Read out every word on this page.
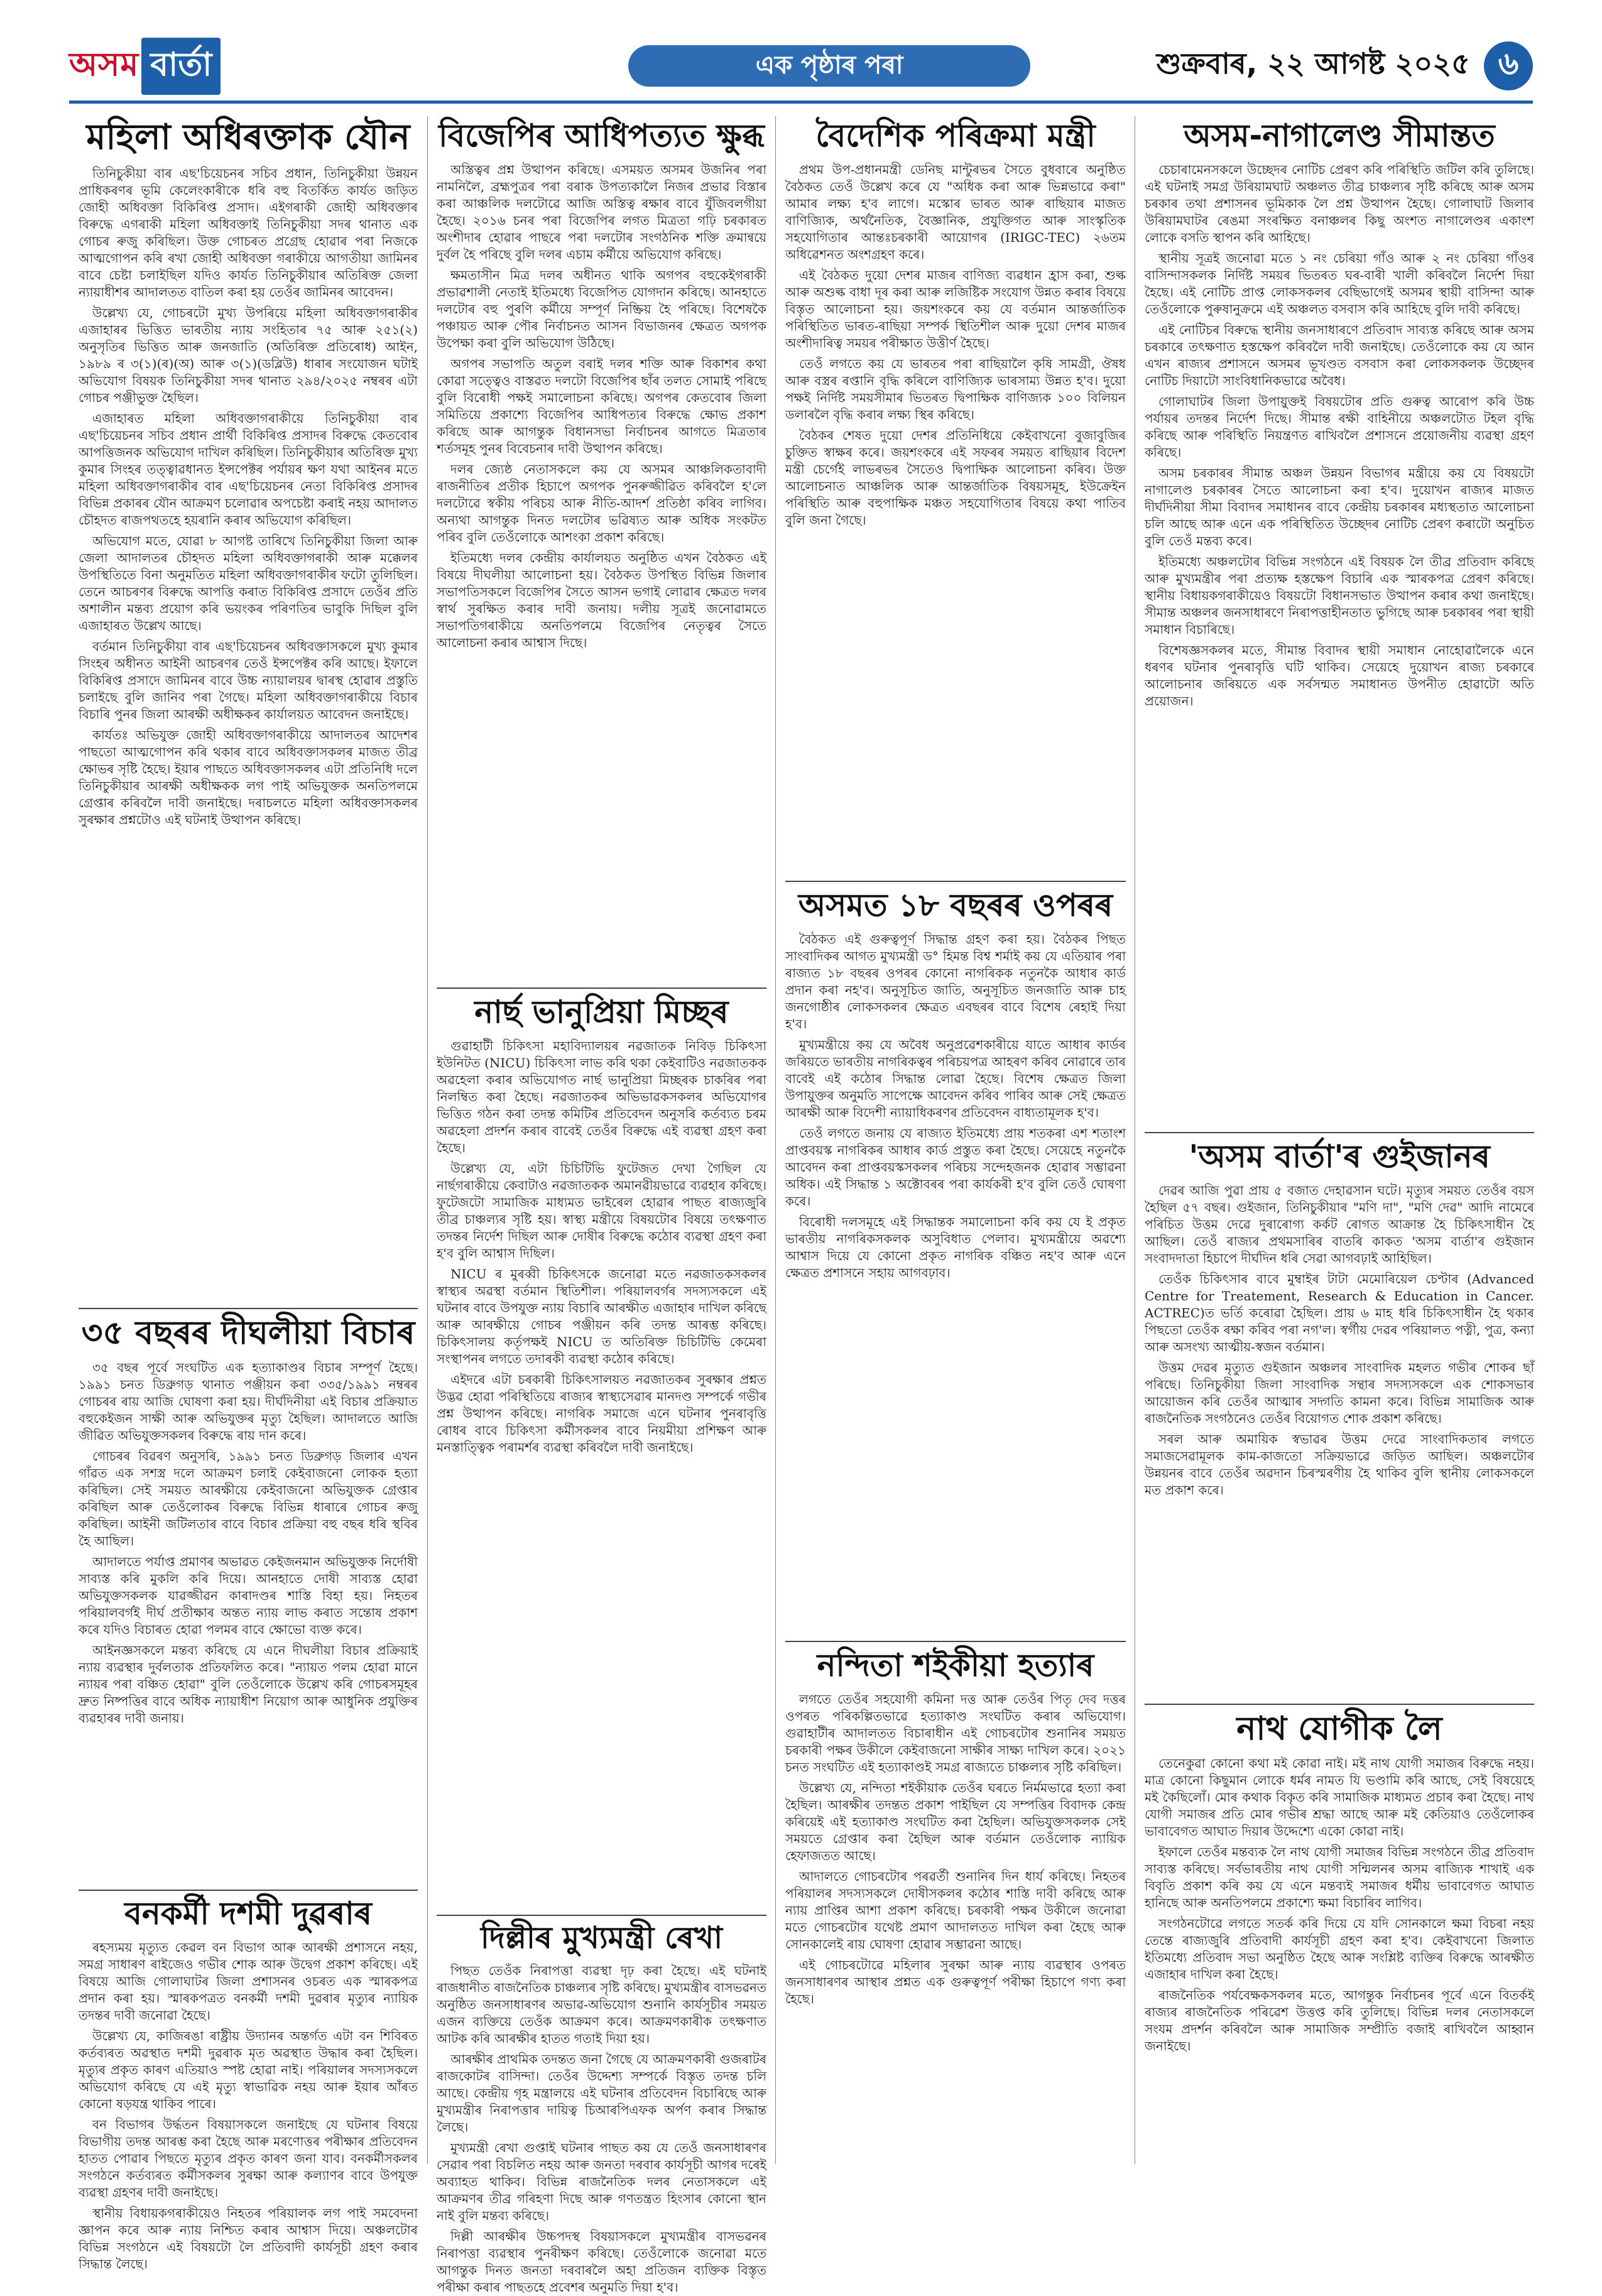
অসম বাৰ্তা	এক পৃষ্ঠাৰ পৰা	শুক্ৰবাৰ, ২২ আগষ্ট ২০২৫ ৬
মহিলা অধিৰক্তাক যৌন

তিনিচুকীয়া বাৰ এছ'চিয়েচনৰ সচিব প্ৰধান, তিনিচুকীয়া উন্নয়ন প্ৰাধিকৰণৰ ভূমি কেলেংকাৰীকে ধৰি বহু বিতৰ্কিত কাৰ্যত জড়িত জোহী অধিবক্তা বিকিৰিপ্ত প্ৰসাদ। এইগৰাকী জোহী অধিবক্তাৰ বিৰুদ্ধে এগৰাকী মহিলা অধিবক্তাই তিনিচুকীয়া সদৰ থানাত এক গোচৰ ৰুজু কৰিছিল। উক্ত গোচৰত প্ৰগ্ৰেছ হোৱাৰ পৰা নিজকে আত্মগোপন কৰি ৰখা জোহী অধিবক্তা গৰাকীয়ে আগতীয়া জামিনৰ বাবে চেষ্টা চলাইছিল যদিও কাৰ্যত তিনিচুকীয়াৰ অতিৰিক্ত জেলা ন্যায়াধীশৰ আদালতত বাতিল কৰা হয় তেওঁৰ জামিনৰ আবেদন।

উল্লেখ্য যে, গোচৰটো মুখ্য উপৰিয়ে মহিলা অধিবক্তাগৰাকীৰ এজাহাৰৰ ভিত্তিত ভাৰতীয় ন্যায় সংহিতাৰ ৭৫ আৰু ২৫১(২) অনুসৃতিৰ ভিত্তিত আৰু জনজাতি (অতিৰিক্ত প্ৰতিৰোধ) আইন, ১৯৮৯ ৰ ৩(১)(ৰ)(অ) আৰু ৩(১)(ডব্লিউ) ধাৰাৰ সংযোজন ঘটাই অভিযোগ বিষয়ক তিনিচুকীয়া সদৰ থানাত ২৯৪/২০২৫ নম্বৰৰ এটা গোচৰ পঞ্জীভুক্ত হৈছিল।

এজাহাৰত মহিলা অধিবক্তাগৰাকীয়ে তিনিচুকীয়া বাৰ এছ'চিয়েচনৰ সচিব প্ৰধান প্ৰাৰ্থী বিকিৰিপ্ত প্ৰসাদৰ বিৰুদ্ধে কেতবোৰ আপত্তিজনক অভিযোগ দাখিল কৰিছিল। তিনিচুকীয়াৰ অতিৰিক্ত মুখ্য কুমাৰ সিংহৰ তত্ত্বাৱধানত ইন্সপেক্টৰ পৰ্যায়ৰ ক্ষণ যথা আইনৰ মতে মহিলা অধিবক্তাগৰাকীৰ বাৰ এছ'চিয়েচনৰ নেতা বিকিৰিপ্ত প্ৰসাদৰ বিভিন্ন প্ৰকাৰৰ যৌন আক্ৰমণ চলোৱাৰ অপচেষ্টা কৰাই নহয় আদালত চৌহদত ৰাজপথতহে হয়ৰানি কৰাৰ অভিযোগ কৰিছিল।

অভিযোগ মতে, যোৱা ৮ আগষ্ট তাৰিখে তিনিচুকীয়া জিলা আৰু জেলা আদালতৰ চৌহদত মহিলা অধিবক্তাগৰাকী আৰু মক্কেলৰ উপস্থিতিতে বিনা অনুমতিত মহিলা অধিবক্তাগৰাকীৰ ফটো তুলিছিল। তেনে আচৰণৰ বিৰুদ্ধে আপত্তি কৰাত বিকিৰিপ্ত প্ৰসাদে তেওঁৰ প্ৰতি অশালীন মন্তব্য প্ৰয়োগ কৰি ভয়ংকৰ পৰিণতিৰ ভাবুকি দিছিল বুলি এজাহাৰত উল্লেখ আছে।

বৰ্তমান তিনিচুকীয়া বাৰ এছ'চিয়েচনৰ অধিবক্তাসকলে মুখ্য কুমাৰ সিংহৰ অধীনত আইনী আচৰণৰ তেওঁ ইন্সপেক্টৰ কৰি আছে। ইফালে বিকিৰিপ্ত প্ৰসাদে জামিনৰ বাবে উচ্চ ন্যায়ালয়ৰ দ্বাৰস্থ হোৱাৰ প্ৰস্তুতি চলাইছে বুলি জানিব পৰা গৈছে। মহিলা অধিবক্তাগৰাকীয়ে বিচাৰ বিচাৰি পুনৰ জিলা আৰক্ষী অধীক্ষকৰ কাৰ্যালয়ত আবেদন জনাইছে।

কাৰ্যতঃ অভিযুক্ত জোহী অধিবক্তাগৰাকীয়ে আদালতৰ আদেশৰ পাছতো আত্মগোপন কৰি থকাৰ বাবে অধিবক্তাসকলৰ মাজত তীব্ৰ ক্ষোভৰ সৃষ্টি হৈছে। ইয়াৰ পাছতে অধিবক্তাসকলৰ এটা প্ৰতিনিধি দলে তিনিচুকীয়াৰ আৰক্ষী অধীক্ষকক লগ পাই অভিযুক্তক অনতিপলমে গ্ৰেপ্তাৰ কৰিবলৈ দাবী জনাইছে। দৰাচলতে মহিলা অধিবক্তাসকলৰ সুৰক্ষাৰ প্ৰশ্নটোও এই ঘটনাই উত্থাপন কৰিছে।

৩৫ বছৰৰ দীঘলীয়া বিচাৰ

৩৫ বছৰ পূৰ্বে সংঘটিত এক হত্যাকাণ্ডৰ বিচাৰ সম্পূৰ্ণ হৈছে। ১৯৯১ চনত ডিব্ৰুগড় থানাত পঞ্জীয়ন কৰা ৩৩৫/১৯৯১ নম্বৰৰ গোচৰৰ ৰায় আজি ঘোষণা কৰা হয়। দীৰ্ঘদিনীয়া এই বিচাৰ প্ৰক্ৰিয়াত বহুকেইজন সাক্ষী আৰু অভিযুক্তৰ মৃত্যু হৈছিল। আদালতে আজি জীৱিত অভিযুক্তসকলৰ বিৰুদ্ধে ৰায় দান কৰে।

গোচৰৰ বিৱৰণ অনুসৰি, ১৯৯১ চনত ডিব্ৰুগড় জিলাৰ এখন গাঁৱত এক সশস্ত্ৰ দলে আক্ৰমণ চলাই কেইবাজনো লোকক হত্যা কৰিছিল। সেই সময়ত আৰক্ষীয়ে কেইবাজনো অভিযুক্তক গ্ৰেপ্তাৰ কৰিছিল আৰু তেওঁলোকৰ বিৰুদ্ধে বিভিন্ন ধাৰাৰে গোচৰ ৰুজু কৰিছিল। আইনী জটিলতাৰ বাবে বিচাৰ প্ৰক্ৰিয়া বহু বছৰ ধৰি স্থবিৰ হৈ আছিল।

আদালতে পৰ্যাপ্ত প্ৰমাণৰ অভাৱত কেইজনমান অভিযুক্তক নিৰ্দোষী সাব্যস্ত কৰি মুকলি কৰি দিয়ে। আনহাতে দোষী সাব্যস্ত হোৱা অভিযুক্তসকলক যাৱজ্জীৱন কাৰাদণ্ডৰ শাস্তি বিহা হয়। নিহতৰ পৰিয়ালবৰ্গই দীৰ্ঘ প্ৰতীক্ষাৰ অন্তত ন্যায় লাভ কৰাত সন্তোষ প্ৰকাশ কৰে যদিও বিচাৰত হোৱা পলমৰ বাবে ক্ষোভো ব্যক্ত কৰে।

আইনজ্ঞসকলে মন্তব্য কৰিছে যে এনে দীঘলীয়া বিচাৰ প্ৰক্ৰিয়াই ন্যায় ব্যৱস্থাৰ দুৰ্বলতাক প্ৰতিফলিত কৰে। "ন্যায়ত পলম হোৱা মানে ন্যায়ৰ পৰা বঞ্চিত হোৱা" বুলি তেওঁলোকে উল্লেখ কৰি গোচৰসমূহৰ দ্ৰুত নিষ্পত্তিৰ বাবে অধিক ন্যায়াধীশ নিয়োগ আৰু আধুনিক প্ৰযুক্তিৰ ব্যৱহাৰৰ দাবী জনায়।

বনকৰ্মী দশমী দুৱৰাৰ

ৰহস্যময় মৃত্যুত কেৱল বন বিভাগ আৰু আৰক্ষী প্ৰশাসনে নহয়, সমগ্ৰ সাধাৰণ ৰাইজেও গভীৰ শোক আৰু উদ্বেগ প্ৰকাশ কৰিছে। এই বিষয়ে আজি গোলাঘাটৰ জিলা প্ৰশাসনৰ ওচৰত এক স্মাৰকপত্ৰ প্ৰদান কৰা হয়। স্মাৰকপত্ৰত বনকৰ্মী দশমী দুৱৰাৰ মৃত্যুৰ ন্যায়িক তদন্তৰ দাবী জনোৱা হৈছে।

উল্লেখ্য যে, কাজিৰঙা ৰাষ্ট্ৰীয় উদ্যানৰ অন্তৰ্গত এটা বন শিবিৰত কৰ্তব্যৰত অৱস্থাত দশমী দুৱৰাক মৃত অৱস্থাত উদ্ধাৰ কৰা হৈছিল। মৃত্যুৰ প্ৰকৃত কাৰণ এতিয়াও স্পষ্ট হোৱা নাই। পৰিয়ালৰ সদস্যসকলে অভিযোগ কৰিছে যে এই মৃত্যু স্বাভাৱিক নহয় আৰু ইয়াৰ আঁৰত কোনো ষড়যন্ত্ৰ থাকিব পাৰে।

বন বিভাগৰ উৰ্দ্ধতন বিষয়াসকলে জনাইছে যে ঘটনাৰ বিষয়ে বিভাগীয় তদন্ত আৰম্ভ কৰা হৈছে আৰু মৰণোত্তৰ পৰীক্ষাৰ প্ৰতিবেদন হাতত পোৱাৰ পিছতে মৃত্যুৰ প্ৰকৃত কাৰণ জনা যাব। বনকৰ্মীসকলৰ সংগঠনে কৰ্তব্যৰত কৰ্মীসকলৰ সুৰক্ষা আৰু কল্যাণৰ বাবে উপযুক্ত ব্যৱস্থা গ্ৰহণৰ দাবী জনাইছে।

স্থানীয় বিধায়কগৰাকীয়েও নিহতৰ পৰিয়ালক লগ পাই সমবেদনা জ্ঞাপন কৰে আৰু ন্যায় নিশ্চিত কৰাৰ আশ্বাস দিয়ে। অঞ্চলটোৰ বিভিন্ন সংগঠনে এই বিষয়টো লৈ প্ৰতিবাদী কাৰ্যসূচী গ্ৰহণ কৰাৰ সিদ্ধান্ত লৈছে।

বিজেপিৰ আধিপত্যত ক্ষুব্ধ

অস্তিত্বৰ প্ৰশ্ন উত্থাপন কৰিছে। এসময়ত অসমৰ উজনিৰ পৰা নামনিলৈ, ব্ৰহ্মপুত্ৰৰ পৰা বৰাক উপত্যকালৈ নিজৰ প্ৰভাৱ বিস্তাৰ কৰা আঞ্চলিক দলটোৱে আজি অস্তিত্ব ৰক্ষাৰ বাবে যুঁজিবলগীয়া হৈছে। ২০১৬ চনৰ পৰা বিজেপিৰ লগত মিত্ৰতা গঢ়ি চৰকাৰত অংশীদাৰ হোৱাৰ পাছৰে পৰা দলটোৰ সংগঠনিক শক্তি ক্ৰমান্বয়ে দুৰ্বল হৈ পৰিছে বুলি দলৰ এচাম কৰ্মীয়ে অভিযোগ কৰিছে।

ক্ষমতাসীন মিত্ৰ দলৰ অধীনত থাকি অগপৰ বহুকেইগৰাকী প্ৰভাৱশালী নেতাই ইতিমধ্যে বিজেপিত যোগদান কৰিছে। আনহাতে দলটোৰ বহু পুৰণি কৰ্মীয়ে সম্পূৰ্ণ নিষ্ক্ৰিয় হৈ পৰিছে। বিশেষকৈ পঞ্চায়ত আৰু পৌৰ নিৰ্বাচনত আসন বিভাজনৰ ক্ষেত্ৰত অগপক উপেক্ষা কৰা বুলি অভিযোগ উঠিছে।

অগপৰ সভাপতি অতুল বৰাই দলৰ শক্তি আৰু বিকাশৰ কথা কোৱা সত্ত্বেও বাস্তৱত দলটো বিজেপিৰ ছাঁৰ তলত সোমাই পৰিছে বুলি বিৰোধী পক্ষই সমালোচনা কৰিছে। অগপৰ কেতবোৰ জিলা সমিতিয়ে প্ৰকাশ্যে বিজেপিৰ আধিপত্যৰ বিৰুদ্ধে ক্ষোভ প্ৰকাশ কৰিছে আৰু আগন্তুক বিধানসভা নিৰ্বাচনৰ আগতে মিত্ৰতাৰ শৰ্তসমূহ পুনৰ বিবেচনাৰ দাবী উত্থাপন কৰিছে।

দলৰ জ্যেষ্ঠ নেতাসকলে কয় যে অসমৰ আঞ্চলিকতাবাদী ৰাজনীতিৰ প্ৰতীক হিচাপে অগপক পুনৰুজ্জীৱিত কৰিবলৈ হ'লে দলটোৱে স্বকীয় পৰিচয় আৰু নীতি-আদৰ্শ প্ৰতিষ্ঠা কৰিব লাগিব। অন্যথা আগন্তুক দিনত দলটোৰ ভৱিষ্যত আৰু অধিক সংকটত পৰিব বুলি তেওঁলোকে আশংকা প্ৰকাশ কৰিছে।

ইতিমধ্যে দলৰ কেন্দ্ৰীয় কাৰ্যালয়ত অনুষ্ঠিত এখন বৈঠকত এই বিষয়ে দীঘলীয়া আলোচনা হয়। বৈঠকত উপস্থিত বিভিন্ন জিলাৰ সভাপতিসকলে বিজেপিৰ সৈতে আসন ভগাই লোৱাৰ ক্ষেত্ৰত দলৰ স্বাৰ্থ সুৰক্ষিত কৰাৰ দাবী জনায়। দলীয় সূত্ৰই জনোৱামতে সভাপতিগৰাকীয়ে অনতিপলমে বিজেপিৰ নেতৃত্বৰ সৈতে আলোচনা কৰাৰ আশ্বাস দিছে।

নাৰ্ছ ভানুপ্ৰিয়া মিচ্ছৰ

গুৱাহাটী চিকিৎসা মহাবিদ্যালয়ৰ নৱজাতক নিবিড় চিকিৎসা ইউনিটত (NICU) চিকিৎসা লাভ কৰি থকা কেইবাটিও নৱজাতকক অৱহেলা কৰাৰ অভিযোগত নাৰ্ছ ভানুপ্ৰিয়া মিচ্ছৰক চাকৰিৰ পৰা নিলম্বিত কৰা হৈছে। নৱজাতকৰ অভিভাৱকসকলৰ অভিযোগৰ ভিত্তিত গঠন কৰা তদন্ত কমিটিৰ প্ৰতিবেদন অনুসৰি কৰ্তব্যত চৰম অৱহেলা প্ৰদৰ্শন কৰাৰ বাবেই তেওঁৰ বিৰুদ্ধে এই ব্যৱস্থা গ্ৰহণ কৰা হৈছে।

উল্লেখ্য যে, এটা চিচিটিভি ফুটেজত দেখা গৈছিল যে নাৰ্ছগৰাকীয়ে কেবাটাও নৱজাতকক অমানৱীয়ভাৱে ব্যৱহাৰ কৰিছে। ফুটেজটো সামাজিক মাধ্যমত ভাইৰেল হোৱাৰ পাছত ৰাজ্যজুৰি তীব্ৰ চাঞ্চল্যৰ সৃষ্টি হয়। স্বাস্থ্য মন্ত্ৰীয়ে বিষয়টোৰ বিষয়ে তৎক্ষণাত তদন্তৰ নিৰ্দেশ দিছিল আৰু দোষীৰ বিৰুদ্ধে কঠোৰ ব্যৱস্থা গ্ৰহণ কৰা হ'ব বুলি আশ্বাস দিছিল।

NICU ৰ মুৰব্বী চিকিৎসকে জনোৱা মতে নৱজাতকসকলৰ স্বাস্থ্যৰ অৱস্থা বৰ্তমান স্থিতিশীল। পৰিয়ালবৰ্গৰ সদস্যসকলে এই ঘটনাৰ বাবে উপযুক্ত ন্যায় বিচাৰি আৰক্ষীত এজাহাৰ দাখিল কৰিছে আৰু আৰক্ষীয়ে গোচৰ পঞ্জীয়ন কৰি তদন্ত আৰম্ভ কৰিছে। চিকিৎসালয় কৰ্তৃপক্ষই NICU ত অতিৰিক্ত চিচিটিভি কেমেৰা সংস্থাপনৰ লগতে তদাৰকী ব্যৱস্থা কঠোৰ কৰিছে।

এইদৰে এটা চৰকাৰী চিকিৎসালয়ত নৱজাতকৰ সুৰক্ষাৰ প্ৰশ্নত উদ্ভৱ হোৱা পৰিস্থিতিয়ে ৰাজ্যৰ স্বাস্থ্যসেৱাৰ মানদণ্ড সম্পৰ্কে গভীৰ প্ৰশ্ন উত্থাপন কৰিছে। নাগৰিক সমাজে এনে ঘটনাৰ পুনৰাবৃত্তি ৰোধৰ বাবে চিকিৎসা কৰ্মীসকলৰ বাবে নিয়মীয়া প্ৰশিক্ষণ আৰু মনস্তাত্ত্বিক পৰামৰ্শৰ ব্যৱস্থা কৰিবলৈ দাবী জনাইছে।

দিল্লীৰ মুখ্যমন্ত্ৰী ৰেখা

পিছত তেওঁক নিৰাপত্তা ব্যৱস্থা দৃঢ় কৰা হৈছে। এই ঘটনাই ৰাজধানীত ৰাজনৈতিক চাঞ্চল্যৰ সৃষ্টি কৰিছে। মুখ্যমন্ত্ৰীৰ বাসভৱনত অনুষ্ঠিত জনসাধাৰণৰ অভাৱ-অভিযোগ শুনানি কাৰ্যসূচীৰ সময়ত এজন ব্যক্তিয়ে তেওঁক আক্ৰমণ কৰে। আক্ৰমণকাৰীক তৎক্ষণাত আটক কৰি আৰক্ষীৰ হাতত গতাই দিয়া হয়।

আৰক্ষীৰ প্ৰাথমিক তদন্তত জনা গৈছে যে আক্ৰমণকাৰী গুজৰাটৰ ৰাজকোটৰ বাসিন্দা। তেওঁৰ উদ্দেশ্য সম্পৰ্কে বিস্তৃত তদন্ত চলি আছে। কেন্দ্ৰীয় গৃহ মন্ত্ৰালয়ে এই ঘটনাৰ প্ৰতিবেদন বিচাৰিছে আৰু মুখ্যমন্ত্ৰীৰ নিৰাপত্তাৰ দায়িত্ব চিআৰপিএফক অৰ্পণ কৰাৰ সিদ্ধান্ত লৈছে।

মুখ্যমন্ত্ৰী ৰেখা গুপ্তাই ঘটনাৰ পাছত কয় যে তেওঁ জনসাধাৰণৰ সেৱাৰ পৰা বিচলিত নহয় আৰু জনতা দৰবাৰ কাৰ্যসূচী আগৰ দৰেই অব্যাহত থাকিব। বিভিন্ন ৰাজনৈতিক দলৰ নেতাসকলে এই আক্ৰমণৰ তীব্ৰ গৰিহণা দিছে আৰু গণতন্ত্ৰত হিংসাৰ কোনো স্থান নাই বুলি মন্তব্য কৰিছে।

দিল্লী আৰক্ষীৰ উচ্চপদস্থ বিষয়াসকলে মুখ্যমন্ত্ৰীৰ বাসভৱনৰ নিৰাপত্তা ব্যৱস্থাৰ পুনৰীক্ষণ কৰিছে। তেওঁলোকে জনোৱা মতে আগন্তুক দিনত জনতা দৰবাৰলৈ অহা প্ৰতিজন ব্যক্তিক বিস্তৃত পৰীক্ষা কৰাৰ পাছতহে প্ৰবেশৰ অনুমতি দিয়া হ'ব।

বৈদেশিক পৰিক্ৰমা মন্ত্ৰী

প্ৰথম উপ-প্ৰধানমন্ত্ৰী ডেনিছ মান্টুৰভৰ সৈতে বুধবাৰে অনুষ্ঠিত বৈঠকত তেওঁ উল্লেখ কৰে যে "অধিক কৰা আৰু ভিন্নভাৱে কৰা" আমাৰ লক্ষ্য হ'ব লাগে। মস্কোৰ ভাৰত আৰু ৰাছিয়াৰ মাজত বাণিজ্যিক, অৰ্থনৈতিক, বৈজ্ঞানিক, প্ৰযুক্তিগত আৰু সাংস্কৃতিক সহযোগিতাৰ আন্তঃচৰকাৰী আয়োগৰ (IRIGC-TEC) ২৬তম অধিৱেশনত অংশগ্ৰহণ কৰে।

এই বৈঠকত দুয়ো দেশৰ মাজৰ বাণিজ্য ব্যৱধান হ্ৰাস কৰা, শুল্ক আৰু অশুল্ক বাধা দূৰ কৰা আৰু লজিষ্টিক সংযোগ উন্নত কৰাৰ বিষয়ে বিস্তৃত আলোচনা হয়। জয়শংকৰে কয় যে বৰ্তমান আন্তৰ্জাতিক পৰিস্থিতিত ভাৰত-ৰাছিয়া সম্পৰ্ক স্থিতিশীল আৰু দুয়ো দেশৰ মাজৰ অংশীদাৰিত্ব সময়ৰ পৰীক্ষাত উত্তীৰ্ণ হৈছে।

তেওঁ লগতে কয় যে ভাৰতৰ পৰা ৰাছিয়ালৈ কৃষি সামগ্ৰী, ঔষধ আৰু বস্ত্ৰৰ ৰপ্তানি বৃদ্ধি কৰিলে বাণিজ্যিক ভাৰসাম্য উন্নত হ'ব। দুয়ো পক্ষই নিৰ্দিষ্ট সময়সীমাৰ ভিতৰত দ্বিপাক্ষিক বাণিজ্যক ১০০ বিলিয়ন ডলাৰলৈ বৃদ্ধি কৰাৰ লক্ষ্য স্থিৰ কৰিছে।

বৈঠকৰ শেষত দুয়ো দেশৰ প্ৰতিনিধিয়ে কেইবাখনো বুজাবুজিৰ চুক্তিত স্বাক্ষৰ কৰে। জয়শংকৰে এই সফৰৰ সময়ত ৰাছিয়াৰ বিদেশ মন্ত্ৰী চেৰ্গেই লাভৰভৰ সৈতেও দ্বিপাক্ষিক আলোচনা কৰিব। উক্ত আলোচনাত আঞ্চলিক আৰু আন্তৰ্জাতিক বিষয়সমূহ, ইউক্ৰেইন পৰিস্থিতি আৰু বহুপাক্ষিক মঞ্চত সহযোগিতাৰ বিষয়ে কথা পাতিব বুলি জনা গৈছে।

অসমত ১৮ বছৰৰ ওপৰৰ

বৈঠকত এই গুৰুত্বপূৰ্ণ সিদ্ধান্ত গ্ৰহণ কৰা হয়। বৈঠকৰ পিছত সাংবাদিকৰ আগত মুখ্যমন্ত্ৰী ড° হিমন্ত বিশ্ব শৰ্মাই কয় যে এতিয়াৰ পৰা ৰাজ্যত ১৮ বছৰৰ ওপৰৰ কোনো নাগৰিকক নতুনকৈ আধাৰ কাৰ্ড প্ৰদান কৰা নহ'ব। অনুসূচিত জাতি, অনুসূচিত জনজাতি আৰু চাহ জনগোষ্ঠীৰ লোকসকলৰ ক্ষেত্ৰত এবছৰৰ বাবে বিশেষ ৰেহাই দিয়া হ'ব।

মুখ্যমন্ত্ৰীয়ে কয় যে অবৈধ অনুপ্ৰৱেশকাৰীয়ে যাতে আধাৰ কাৰ্ডৰ জৰিয়তে ভাৰতীয় নাগৰিকত্বৰ পৰিচয়পত্ৰ আহৰণ কৰিব নোৱাৰে তাৰ বাবেই এই কঠোৰ সিদ্ধান্ত লোৱা হৈছে। বিশেষ ক্ষেত্ৰত জিলা উপায়ুক্তৰ অনুমতি সাপেক্ষে আবেদন কৰিব পাৰিব আৰু সেই ক্ষেত্ৰত আৰক্ষী আৰু বিদেশী ন্যায়াধিকৰণৰ প্ৰতিবেদন বাধ্যতামূলক হ'ব।

তেওঁ লগতে জনায় যে ৰাজ্যত ইতিমধ্যে প্ৰায় শতকৰা এশ শতাংশ প্ৰাপ্তবয়স্ক নাগৰিকৰ আধাৰ কাৰ্ড প্ৰস্তুত কৰা হৈছে। সেয়েহে নতুনকৈ আবেদন কৰা প্ৰাপ্তবয়স্কসকলৰ পৰিচয় সন্দেহজনক হোৱাৰ সম্ভাৱনা অধিক। এই সিদ্ধান্ত ১ অক্টোবৰৰ পৰা কাৰ্যকৰী হ'ব বুলি তেওঁ ঘোষণা কৰে।

বিৰোধী দলসমূহে এই সিদ্ধান্তক সমালোচনা কৰি কয় যে ই প্ৰকৃত ভাৰতীয় নাগৰিকসকলক অসুবিধাত পেলাব। মুখ্যমন্ত্ৰীয়ে অৱশ্যে আশ্বাস দিয়ে যে কোনো প্ৰকৃত নাগৰিক বঞ্চিত নহ'ব আৰু এনে ক্ষেত্ৰত প্ৰশাসনে সহায় আগবঢ়াব।

নন্দিতা শইকীয়া হত্যাৰ

লগতে তেওঁৰ সহযোগী কমিনা দত্ত আৰু তেওঁৰ পিতৃ দেব দত্তৰ ওপৰত পৰিকল্পিতভাৱে হত্যাকাণ্ড সংঘটিত কৰাৰ অভিযোগ। গুৱাহাটীৰ আদালতত বিচাৰাধীন এই গোচৰটোৰ শুনানিৰ সময়ত চৰকাৰী পক্ষৰ উকীলে কেইবাজনো সাক্ষীৰ সাক্ষ্য দাখিল কৰে। ২০২১ চনত সংঘটিত এই হত্যাকাণ্ডই সমগ্ৰ ৰাজ্যতে চাঞ্চল্যৰ সৃষ্টি কৰিছিল।

উল্লেখ্য যে, নন্দিতা শইকীয়াক তেওঁৰ ঘৰতে নিৰ্মমভাৱে হত্যা কৰা হৈছিল। আৰক্ষীৰ তদন্তত প্ৰকাশ পাইছিল যে সম্পত্তিৰ বিবাদক কেন্দ্ৰ কৰিয়েই এই হত্যাকাণ্ড সংঘটিত কৰা হৈছিল। অভিযুক্তসকলক সেই সময়তে গ্ৰেপ্তাৰ কৰা হৈছিল আৰু বৰ্তমান তেওঁলোক ন্যায়িক হেফাজতত আছে।

আদালতে গোচৰটোৰ পৰৱৰ্তী শুনানিৰ দিন ধাৰ্য কৰিছে। নিহতৰ পৰিয়ালৰ সদস্যসকলে দোষীসকলৰ কঠোৰ শাস্তি দাবী কৰিছে আৰু ন্যায় প্ৰাপ্তিৰ আশা প্ৰকাশ কৰিছে। চৰকাৰী পক্ষৰ উকীলে জনোৱা মতে গোচৰটোৰ যথেষ্ট প্ৰমাণ আদালতত দাখিল কৰা হৈছে আৰু সোনকালেই ৰায় ঘোষণা হোৱাৰ সম্ভাৱনা আছে।

এই গোচৰটোৱে মহিলাৰ সুৰক্ষা আৰু ন্যায় ব্যৱস্থাৰ ওপৰত জনসাধাৰণৰ আস্থাৰ প্ৰশ্নত এক গুৰুত্বপূৰ্ণ পৰীক্ষা হিচাপে গণ্য কৰা হৈছে।

অসম-নাগালেণ্ড সীমান্তত

চেচাৰামেনসকলে উচ্ছেদৰ নোটিচ প্ৰেৰণ কৰি পৰিস্থিতি জটিল কৰি তুলিছে। এই ঘটনাই সমগ্ৰ উৰিয়ামঘাট অঞ্চলত তীব্ৰ চাঞ্চল্যৰ সৃষ্টি কৰিছে আৰু অসম চৰকাৰ তথা প্ৰশাসনৰ ভূমিকাক লৈ প্ৰশ্ন উত্থাপন হৈছে। গোলাঘাট জিলাৰ উৰিয়ামঘাটৰ ৰেঙমা সংৰক্ষিত বনাঞ্চলৰ কিছু অংশত নাগালেণ্ডৰ একাংশ লোকে বসতি স্থাপন কৰি আহিছে।

স্থানীয় সূত্ৰই জনোৱা মতে ১ নং চেৰিয়া গাঁও আৰু ২ নং চেৰিয়া গাঁওৰ বাসিন্দাসকলক নিৰ্দিষ্ট সময়ৰ ভিতৰত ঘৰ-বাৰী খালী কৰিবলৈ নিৰ্দেশ দিয়া হৈছে। এই নোটিচ প্ৰাপ্ত লোকসকলৰ বেছিভাগেই অসমৰ স্থায়ী বাসিন্দা আৰু তেওঁলোকে পুৰুষানুক্ৰমে এই অঞ্চলত বসবাস কৰি আহিছে বুলি দাবী কৰিছে।

এই নোটিচৰ বিৰুদ্ধে স্থানীয় জনসাধাৰণে প্ৰতিবাদ সাব্যস্ত কৰিছে আৰু অসম চৰকাৰে তৎক্ষণাত হস্তক্ষেপ কৰিবলৈ দাবী জনাইছে। তেওঁলোকে কয় যে আন এখন ৰাজ্যৰ প্ৰশাসনে অসমৰ ভূখণ্ডত বসবাস কৰা লোকসকলক উচ্ছেদৰ নোটিচ দিয়াটো সাংবিধানিকভাৱে অবৈধ।

গোলাঘাটৰ জিলা উপায়ুক্তই বিষয়টোৰ প্ৰতি গুৰুত্ব আৰোপ কৰি উচ্চ পৰ্যায়ৰ তদন্তৰ নিৰ্দেশ দিছে। সীমান্ত ৰক্ষী বাহিনীয়ে অঞ্চলটোত টহল বৃদ্ধি কৰিছে আৰু পৰিস্থিতি নিয়ন্ত্ৰণত ৰাখিবলৈ প্ৰশাসনে প্ৰয়োজনীয় ব্যৱস্থা গ্ৰহণ কৰিছে।

অসম চৰকাৰৰ সীমান্ত অঞ্চল উন্নয়ন বিভাগৰ মন্ত্ৰীয়ে কয় যে বিষয়টো নাগালেণ্ড চৰকাৰৰ সৈতে আলোচনা কৰা হ'ব। দুয়োখন ৰাজ্যৰ মাজত দীৰ্ঘদিনীয়া সীমা বিবাদৰ সমাধানৰ বাবে কেন্দ্ৰীয় চৰকাৰৰ মধ্যস্থতাত আলোচনা চলি আছে আৰু এনে এক পৰিস্থিতিত উচ্ছেদৰ নোটিচ প্ৰেৰণ কৰাটো অনুচিত বুলি তেওঁ মন্তব্য কৰে।

ইতিমধ্যে অঞ্চলটোৰ বিভিন্ন সংগঠনে এই বিষয়ক লৈ তীব্ৰ প্ৰতিবাদ কৰিছে আৰু মুখ্যমন্ত্ৰীৰ পৰা প্ৰত্যক্ষ হস্তক্ষেপ বিচাৰি এক স্মাৰকপত্ৰ প্ৰেৰণ কৰিছে। স্থানীয় বিধায়কগৰাকীয়েও বিষয়টো বিধানসভাত উত্থাপন কৰাৰ কথা জনাইছে। সীমান্ত অঞ্চলৰ জনসাধাৰণে নিৰাপত্তাহীনতাত ভুগিছে আৰু চৰকাৰৰ পৰা স্থায়ী সমাধান বিচাৰিছে।

বিশেষজ্ঞসকলৰ মতে, সীমান্ত বিবাদৰ স্থায়ী সমাধান নোহোৱালৈকে এনে ধৰণৰ ঘটনাৰ পুনৰাবৃত্তি ঘটি থাকিব। সেয়েহে দুয়োখন ৰাজ্য চৰকাৰে আলোচনাৰ জৰিয়তে এক সৰ্বসন্মত সমাধানত উপনীত হোৱাটো অতি প্ৰয়োজন।

'অসম বাৰ্তা'ৰ গুইজানৰ

দেৱৰ আজি পুৱা প্ৰায় ৫ বজাত দেহাৱসান ঘটে। মৃত্যুৰ সময়ত তেওঁৰ বয়স হৈছিল ৫৭ বছৰ। গুইজান, তিনিচুকীয়াৰ "মণি দা", "মণি দেৱ" আদি নামেৰে পৰিচিত উত্তম দেৱে দুৰাৰোগ্য কৰ্কট ৰোগত আক্ৰান্ত হৈ চিকিৎসাধীন হৈ আছিল। তেওঁ ৰাজ্যৰ প্ৰথমসাৰিৰ বাতৰি কাকত 'অসম বাৰ্তা'ৰ গুইজান সংবাদদাতা হিচাপে দীৰ্ঘদিন ধৰি সেৱা আগবঢ়াই আহিছিল।

তেওঁক চিকিৎসাৰ বাবে মুম্বাইৰ টাটা মেমোৰিয়েল চেণ্টাৰ (Advanced Centre for Treatement, Research & Education in Cancer. ACTREC)ত ভৰ্তি কৰোৱা হৈছিল। প্ৰায় ৬ মাহ ধৰি চিকিৎসাধীন হৈ থকাৰ পিছতো তেওঁক ৰক্ষা কৰিব পৰা নগ'ল। স্বৰ্গীয় দেৱৰ পৰিয়ালত পত্নী, পুত্ৰ, কন্যা আৰু অসংখ্য আত্মীয়-স্বজন বৰ্তমান।

উত্তম দেৱৰ মৃত্যুত গুইজান অঞ্চলৰ সাংবাদিক মহলত গভীৰ শোকৰ ছাঁ পৰিছে। তিনিচুকীয়া জিলা সাংবাদিক সন্থাৰ সদস্যসকলে এক শোকসভাৰ আয়োজন কৰি তেওঁৰ আত্মাৰ সদ্গতি কামনা কৰে। বিভিন্ন সামাজিক আৰু ৰাজনৈতিক সংগঠনেও তেওঁৰ বিয়োগত শোক প্ৰকাশ কৰিছে।

সৰল আৰু অমায়িক স্বভাৱৰ উত্তম দেৱে সাংবাদিকতাৰ লগতে সমাজসেৱামূলক কাম-কাজতো সক্ৰিয়ভাৱে জড়িত আছিল। অঞ্চলটোৰ উন্নয়নৰ বাবে তেওঁৰ অৱদান চিৰস্মৰণীয় হৈ থাকিব বুলি স্থানীয় লোকসকলে মত প্ৰকাশ কৰে।

নাথ যোগীক লৈ

তেনেকুৱা কোনো কথা মই কোৱা নাই। মই নাথ যোগী সমাজৰ বিৰুদ্ধে নহয়। মাত্ৰ কোনো কিছুমান লোকে ধৰ্মৰ নামত যি ভণ্ডামি কৰি আছে, সেই বিষয়েহে মই কৈছিলোঁ। মোৰ কথাক বিকৃত কৰি সামাজিক মাধ্যমত প্ৰচাৰ কৰা হৈছে। নাথ যোগী সমাজৰ প্ৰতি মোৰ গভীৰ শ্ৰদ্ধা আছে আৰু মই কেতিয়াও তেওঁলোকৰ ভাবাবেগত আঘাত দিয়াৰ উদ্দেশ্যে একো কোৱা নাই।

ইফালে তেওঁৰ মন্তব্যক লৈ নাথ যোগী সমাজৰ বিভিন্ন সংগঠনে তীব্ৰ প্ৰতিবাদ সাব্যস্ত কৰিছে। সৰ্বভাৰতীয় নাথ যোগী সন্মিলনৰ অসম ৰাজ্যিক শাখাই এক বিবৃতি প্ৰকাশ কৰি কয় যে এনে মন্তব্যই সমাজৰ ধৰ্মীয় ভাবাবেগত আঘাত হানিছে আৰু অনতিপলমে প্ৰকাশ্যে ক্ষমা বিচাৰিব লাগিব।

সংগঠনটোৱে লগতে সতৰ্ক কৰি দিয়ে যে যদি সোনকালে ক্ষমা বিচৰা নহয় তেন্তে ৰাজ্যজুৰি প্ৰতিবাদী কাৰ্যসূচী গ্ৰহণ কৰা হ'ব। কেইবাখনো জিলাত ইতিমধ্যে প্ৰতিবাদ সভা অনুষ্ঠিত হৈছে আৰু সংশ্লিষ্ট ব্যক্তিৰ বিৰুদ্ধে আৰক্ষীত এজাহাৰ দাখিল কৰা হৈছে।

ৰাজনৈতিক পৰ্যবেক্ষকসকলৰ মতে, আগন্তুক নিৰ্বাচনৰ পূৰ্বে এনে বিতৰ্কই ৰাজ্যৰ ৰাজনৈতিক পৰিৱেশ উত্তপ্ত কৰি তুলিছে। বিভিন্ন দলৰ নেতাসকলে সংযম প্ৰদৰ্শন কৰিবলৈ আৰু সামাজিক সম্প্ৰীতি বজাই ৰাখিবলৈ আহ্বান জনাইছে।
